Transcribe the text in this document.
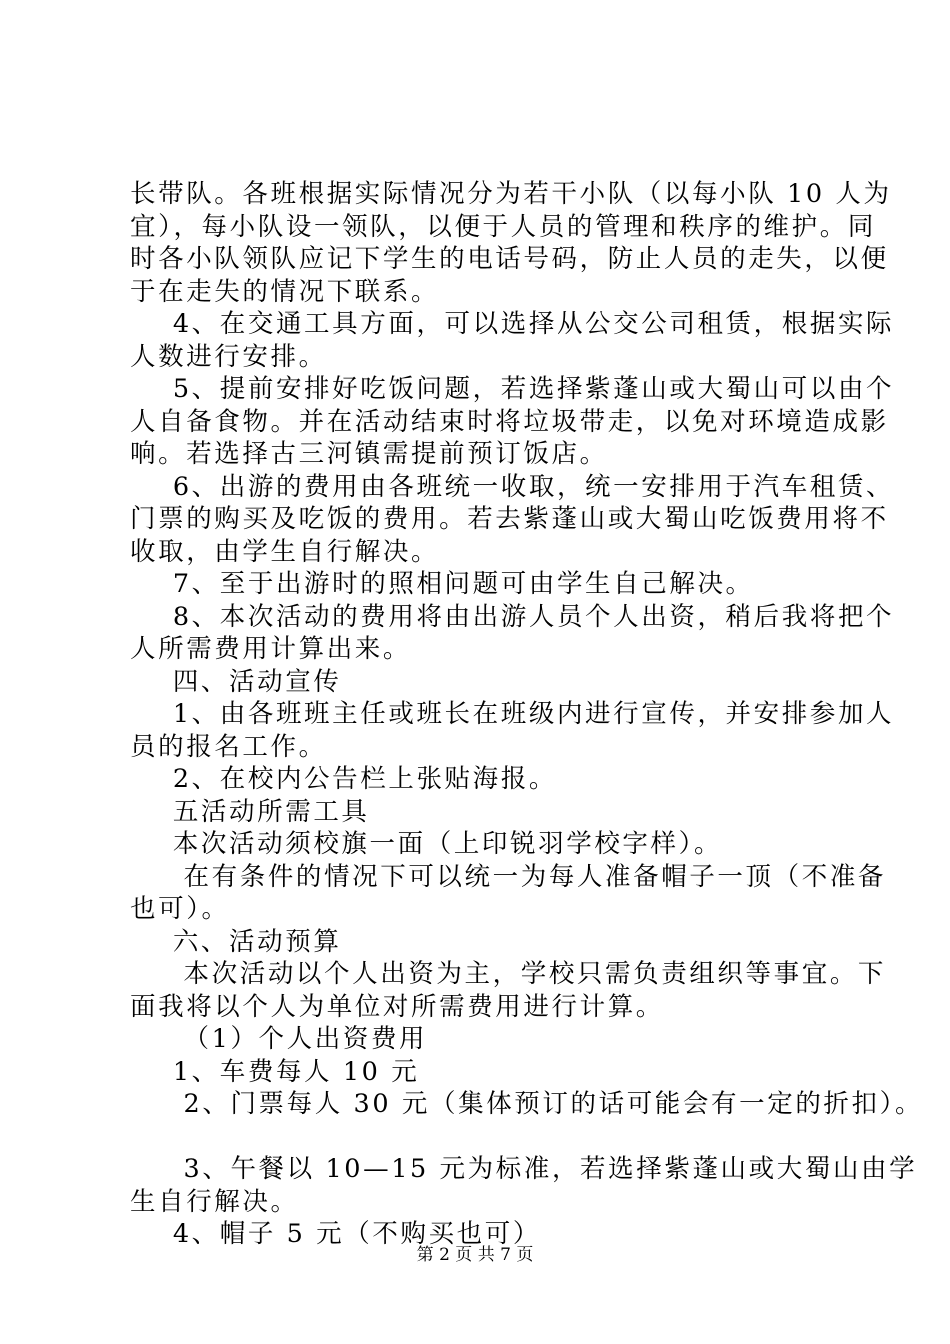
长带队。各班根据实际情况分为若干小队（以每小队 10 人为
宜），每小队设一领队，以便于人员的管理和秩序的维护。同
时各小队领队应记下学生的电话号码，防止人员的走失，以便
于在走失的情况下联系。
4、在交通工具方面，可以选择从公交公司租赁，根据实际
人数进行安排。
5、提前安排好吃饭问题，若选择紫蓬山或大蜀山可以由个
人自备食物。并在活动结束时将垃圾带走，以免对环境造成影
响。若选择古三河镇需提前预订饭店。
6、出游的费用由各班统一收取，统一安排用于汽车租赁、
门票的购买及吃饭的费用。若去紫蓬山或大蜀山吃饭费用将不
收取，由学生自行解决。
7、至于出游时的照相问题可由学生自己解决。
8、本次活动的费用将由出游人员个人出资，稍后我将把个
人所需费用计算出来。
四、活动宣传
1、由各班班主任或班长在班级内进行宣传，并安排参加人
员的报名工作。
2、在校内公告栏上张贴海报。
五活动所需工具
本次活动须校旗一面（上印锐羽学校字样）。
在有条件的情况下可以统一为每人准备帽子一顶（不准备
也可）。
六、活动预算
本次活动以个人出资为主，学校只需负责组织等事宜。下
面我将以个人为单位对所需费用进行计算。
（1）个人出资费用
1、车费每人 10 元
2、门票每人 30 元（集体预订的话可能会有一定的折扣）。
3、午餐以 10—15 元为标准，若选择紫蓬山或大蜀山由学
生自行解决。
4、帽子 5 元（不购买也可）
第 2 页 共 7 页
